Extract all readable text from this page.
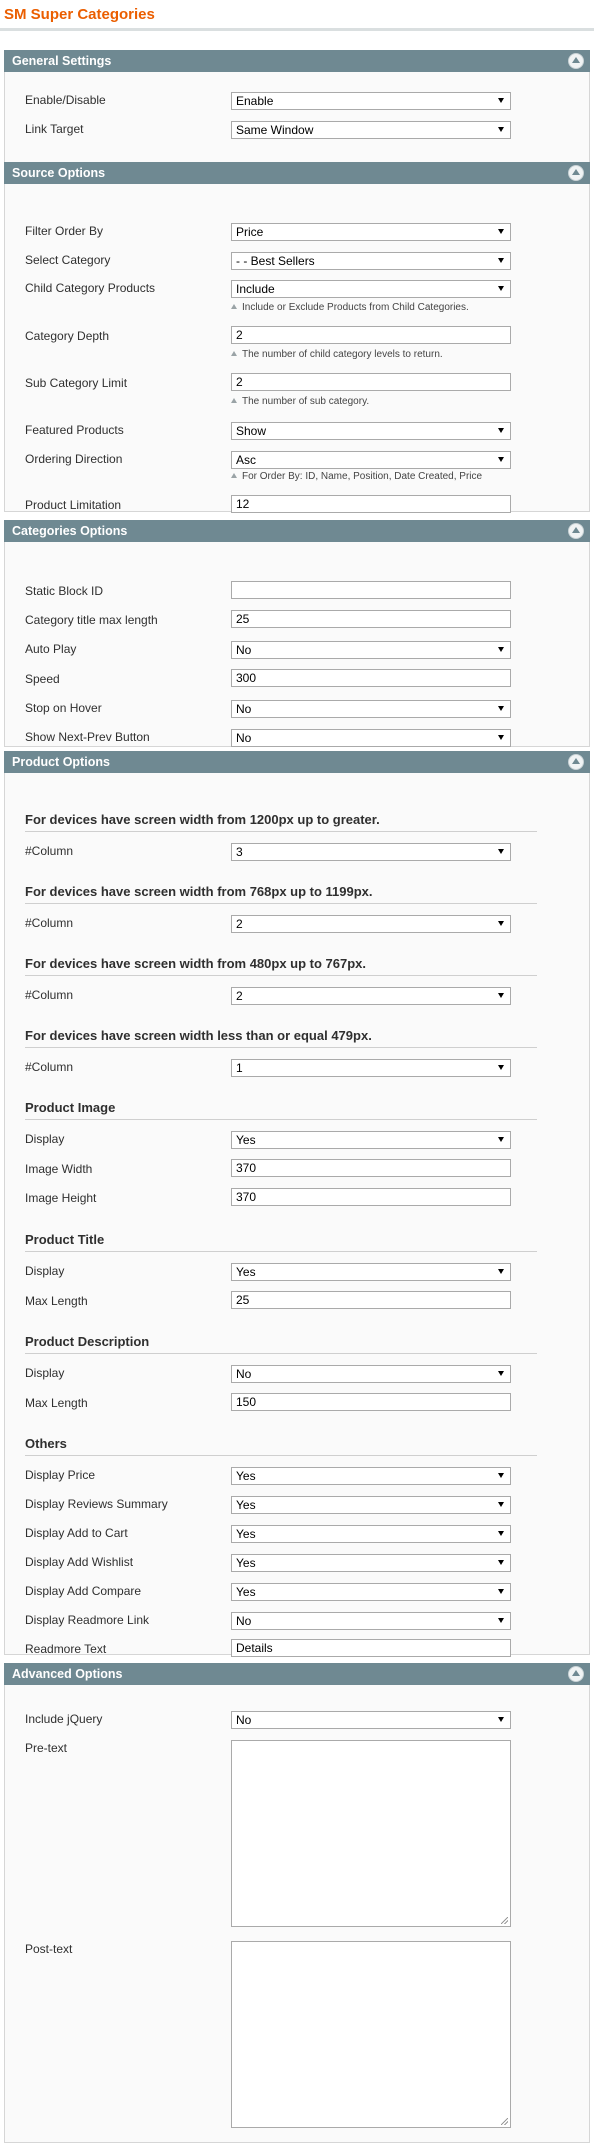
SM Super Categories
General Settings
Enable/Disable	Enable
Link Target	Same Window
Source Options
Filter Order By	Price
Select Category	- - Best Sellers
Child Category Products	Include
Include or Exclude Products from Child Categories.
Category Depth	2
The number of child category levels to return.
Sub Category Limit	2
The number of sub category.
Featured Products	Show
Ordering Direction	Asc
For Order By: ID, Name, Position, Date Created, Price
Product Limitation	12
Categories Options
Static Block ID
Category title max length	25
Auto Play	No
Speed	300
Stop on Hover	No
Show Next-Prev Button	No
Product Options
For devices have screen width from 1200px up to greater.
#Column	3
For devices have screen width from 768px up to 1199px.
#Column	2
For devices have screen width from 480px up to 767px.
#Column	2
For devices have screen width less than or equal 479px.
#Column	1
Product Image
Display	Yes
Image Width	370
Image Height	370
Product Title
Display	Yes
Max Length	25
Product Description
Display	No
Max Length	150
Others
Display Price	Yes
Display Reviews Summary	Yes
Display Add to Cart	Yes
Display Add Wishlist	Yes
Display Add Compare	Yes
Display Readmore Link	No
Readmore Text	Details
Advanced Options
Include jQuery	No
Pre-text
Post-text
